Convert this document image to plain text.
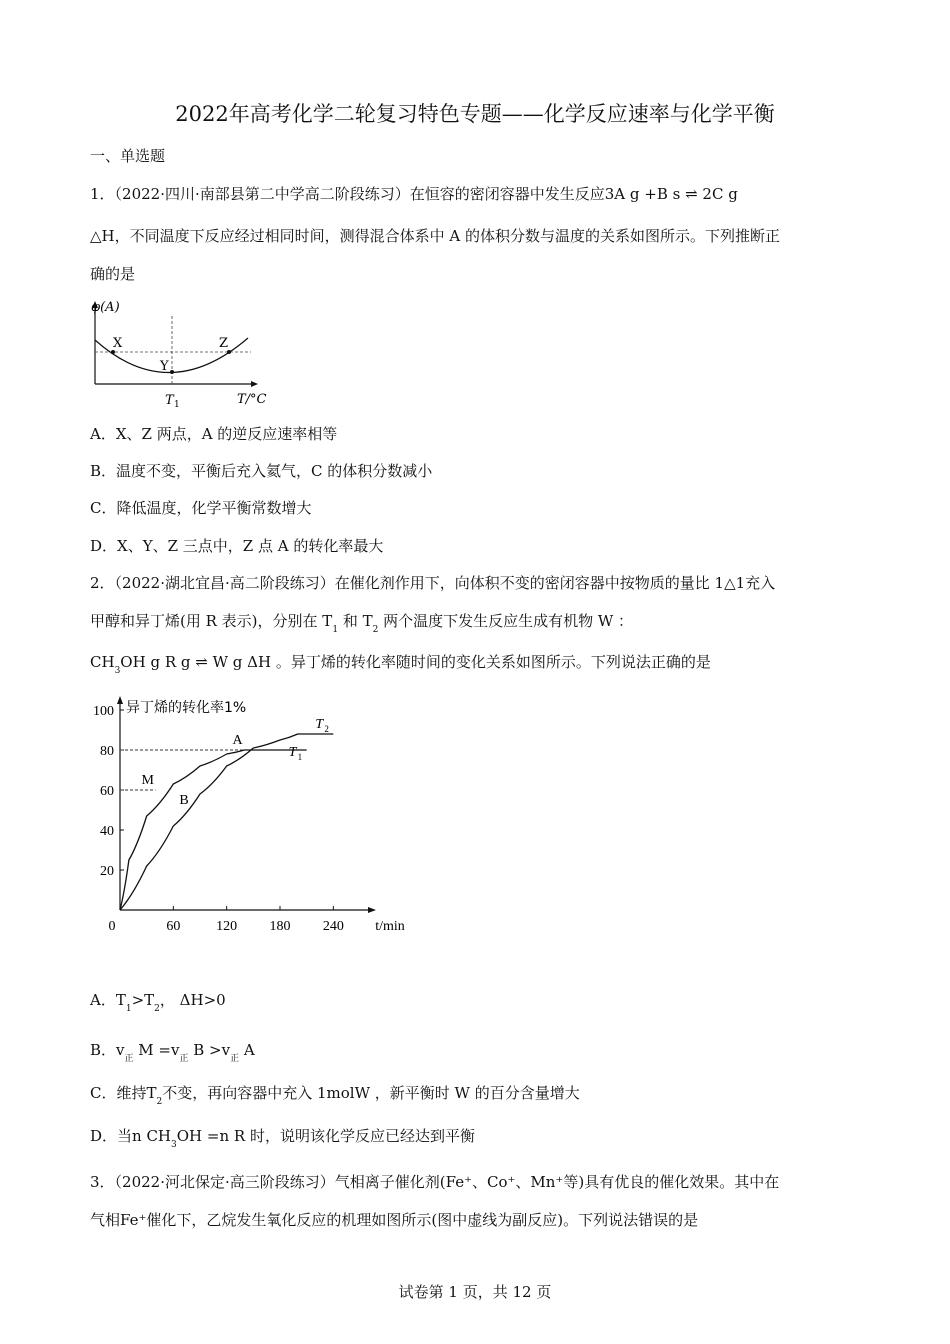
2022年高考化学二轮复习特色专题——化学反应速率与化学平衡
一、单选题
1．（2022·四川·南部县第二中学高二阶段练习）在恒容的密闭容器中发生反应3A g +B s ⇌ 2C g
△H，不同温度下反应经过相同时间，测得混合体系中 A 的体积分数与温度的关系如图所示。下列推断正
确的是
φ(A)
X
Y
Z
T 1	T/°C
A．X、Z 两点，A 的逆反应速率相等
B．温度不变，平衡后充入氦气，C 的体积分数减小
C．降低温度，化学平衡常数增大
D．X、Y、Z 三点中，Z 点 A 的转化率最大
2．（2022·湖北宜昌·高二阶段练习）在催化剂作用下，向体积不变的密闭容器中按物质的量比 1△1充入
甲醇和异丁烯(用 R 表示)，分别在 $T_1$ 和 $T_2$ 两个温度下发生反应生成有机物 W ：
$CH_3OH$ g R g ⇌ W g ΔH 。异丁烯的转化率随时间的变化关系如图所示。下列说法正确的是
异丁烯的转化率1%
20
40
60
80
100
0	60	120 180 240 t/min
T 1
T 2
A
M
B
A．$T_1>T_2$， ΔH>0
B．$v_正$ $M =v_正$ $B >v_正$ A
C．维持$T_2$不变，再向容器中充入 1molW ，新平衡时 W 的百分含量增大
D．当n $CH_3OH =n$ R 时，说明该化学反应已经达到平衡
3．（2022·河北保定·高三阶段练习）气相离子催化剂(Fe⁺、Co⁺、Mn⁺等)具有优良的催化效果。其中在
气相Fe⁺催化下，乙烷发生氧化反应的机理如图所示(图中虚线为副反应)。下列说法错误的是
试卷第 1 页，共 12 页
